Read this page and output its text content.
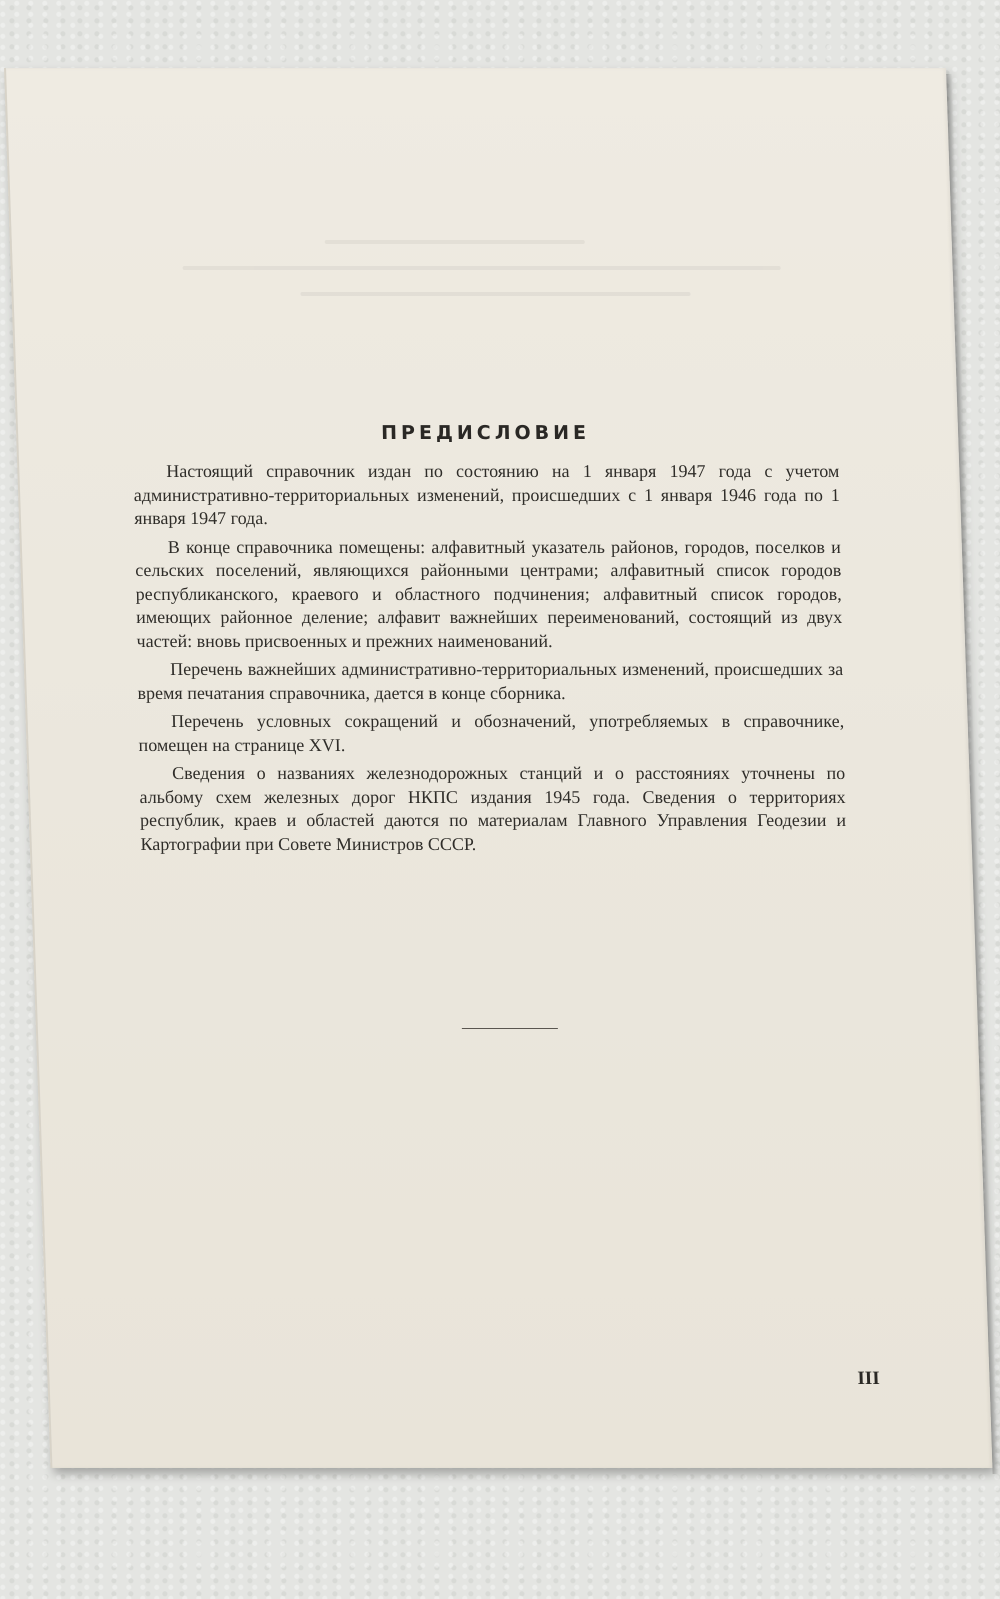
ПРЕДИСЛОВИЕ

Настоящий справочник издан по состоянию на 1 января 1947 года с учетом административно-территориальных изменений, происшедших с 1 января 1946 года по 1 января 1947 года.

В конце справочника помещены: алфавитный указатель районов, городов, поселков и сельских поселений, являющихся районными центрами; алфавитный список городов республиканского, краевого и областного подчинения; алфавитный список городов, имеющих районное деление; алфавит важнейших переименований, состоящий из двух частей: вновь присвоенных и прежних наименований.

Перечень важнейших административно-территориальных изменений, происшедших за время печатания справочника, дается в конце сборника.

Перечень условных сокращений и обозначений, употребляемых в справочнике, помещен на странице XVI.

Сведения о названиях железнодорожных станций и о расстояниях уточнены по альбому схем железных дорог НКПС издания 1945 года. Сведения о территориях республик, краев и областей даются по материалам Главного Управления Геодезии и Картографии при Совете Министров СССР.

III
